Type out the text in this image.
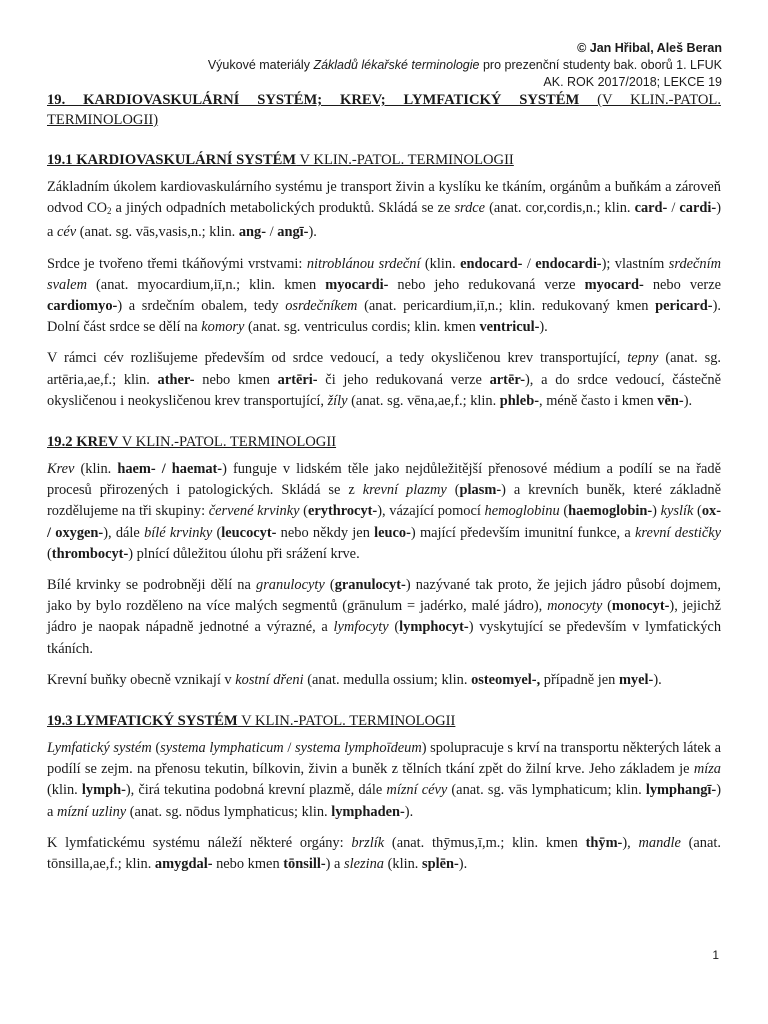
© Jan Hřibal, Aleš Beran
Výukové materiály Základů lékařské terminologie pro prezenční studenty bak. oborů 1. LFUK
AK. ROK 2017/2018; LEKCE 19
19. KARDIOVASKULÁRNÍ SYSTÉM; KREV; LYMFATICKÝ SYSTÉM (V KLIN.-PATOL. TERMINOLOGII)
19.1 KARDIOVASKULÁRNÍ SYSTÉM V KLIN.-PATOL. TERMINOLOGII

Základním úkolem kardiovaskulárního systému je transport živin a kyslíku ke tkáním, orgánům a buňkám a zároveň odvod $CO_2$ a jiných odpadních metabolických produktů. Skládá se ze srdce (anat. cor,cordis,n.; klin. card- / cardi-) a cév (anat. sg. vās,vasis,n.; klin. ang- / angī-).

Srdce je tvořeno třemi tkáňovými vrstvami: nitroblánou srdeční (klin. endocard- / endocardi-); vlastním srdečním svalem (anat. myocardium,iī,n.; klin. kmen myocardi- nebo jeho redukovaná verze myocard- nebo verze cardiomyo-) a srdečním obalem, tedy osrdečníkem (anat. pericardium,iī,n.; klin. redukovaný kmen pericard-). Dolní část srdce se dělí na komory (anat. sg. ventriculus cordis; klin. kmen ventricul-).

V rámci cév rozlišujeme především od srdce vedoucí, a tedy okysličenou krev transportující, tepny (anat. sg. artēria,ae,f.; klin. ather- nebo kmen artēri- či jeho redukovaná verze artēr-), a do srdce vedoucí, částečně okysličenou i neokysličenou krev transportující, žíly (anat. sg. vēna,ae,f.; klin. phleb-, méně často i kmen vēn-).

19.2 KREV V KLIN.-PATOL. TERMINOLOGII

Krev (klin. haem- / haemat-) funguje v lidském těle jako nejdůležitější přenosové médium a podílí se na řadě procesů přirozených i patologických. Skládá se z krevní plazmy (plasm-) a krevních buněk, které základně rozdělujeme na tři skupiny: červené krvinky (erythrocyt-), vázající pomocí hemoglobinu (haemoglobin-) kyslík (ox- / oxygen-), dále bílé krvinky (leucocyt- nebo někdy jen leuco-) mající především imunitní funkce, a krevní destičky (thrombocyt-) plnící důležitou úlohu při srážení krve.

Bílé krvinky se podrobněji dělí na granulocyty (granulocyt-) nazývané tak proto, že jejich jádro působí dojmem, jako by bylo rozděleno na více malých segmentů (grānulum = jadérko, malé jádro), monocyty (monocyt-), jejichž jádro je naopak nápadně jednotné a výrazné, a lymfocyty (lymphocyt-) vyskytující se především v lymfatických tkáních.

Krevní buňky obecně vznikají v kostní dřeni (anat. medulla ossium; klin. osteomyel-, případně jen myel-).

19.3 LYMFATICKÝ SYSTÉM V KLIN.-PATOL. TERMINOLOGII

Lymfatický systém (systema lymphaticum / systema lymphoīdeum) spolupracuje s krví na transportu některých látek a podílí se zejm. na přenosu tekutin, bílkovin, živin a buněk z tělních tkání zpět do žilní krve. Jeho základem je míza (klin. lymph-), čirá tekutina podobná krevní plazmě, dále mízní cévy (anat. sg. vās lymphaticum; klin. lymphangī-) a mízní uzliny (anat. sg. nōdus lymphaticus; klin. lymphaden-).

K lymfatickému systému náleží některé orgány: brzlík (anat. thȳmus,ī,m.; klin. kmen thȳm-), mandle (anat. tōnsilla,ae,f.; klin. amygdal- nebo kmen tōnsill-) a slezina (klin. splēn-).

1
